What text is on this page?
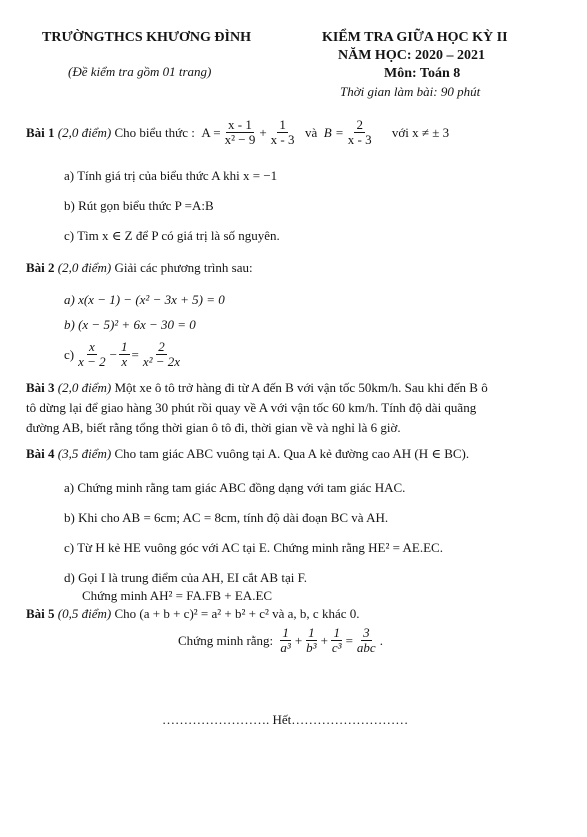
TRƯỜNGTHCS KHƯƠNG ĐÌNH
(Đề kiểm tra gồm 01 trang)
KIỂM TRA GIỮA HỌC KỲ II
NĂM HỌC: 2020 – 2021
Môn: Toán 8
Thời gian làm bài: 90 phút
Bài 1
(2,0 điểm)
Cho biểu thức :
$A = \frac{x - 1}{\text{x² − 9}} + \frac{1}{x - 3}$
và
$B = \frac{2}{x - 3}$
với x ≠ ± 3
a) Tính giá trị của biểu thức A khi x = −1
b) Rút gọn biểu thức P =A:B
c) Tìm x ∈ Z để P có giá trị là số nguyên.
Bài 2 (2,0 điểm) Giải các phương trình sau:
a) x(x − 1) − (x² − 3x + 5) = 0
b) (x − 5)² + 6x − 30 = 0
$c) \frac{x}{x - 2} - \frac{1}{x} = \frac{2}{\text{x² − 2x}}$
Bài 3 (2,0 điểm) Một xe ô tô trở hàng đi từ A đến B với vận tốc 50km/h. Sau khi đến B ô
tô dừng lại để giao hàng 30 phút rồi quay về A với vận tốc 60 km/h. Tính độ dài quãng
đường AB, biết rằng tổng thời gian ô tô đi, thời gian về và nghỉ là 6 giờ.
Bài 4 (3,5 điểm) Cho tam giác ABC vuông tại A. Qua A kẻ đường cao AH (H ∈ BC).
a) Chứng minh rằng tam giác ABC đồng dạng với tam giác HAC.
b) Khi cho AB = 6cm; AC = 8cm, tính độ dài đoạn BC và AH.
c) Từ H kẻ HE vuông góc với AC tại E. Chứng minh rằng HE² = AE.EC.
d) Gọi I là trung điểm của AH, EI cắt AB tại F.
Chứng minh AH² = FA.FB + EA.EC
Bài 5 (0,5 điểm) Cho (a + b + c)² = a² + b² + c² và a, b, c khác 0.
Chứng minh rằng:
$\frac{1}{\text{a³}} + \frac{1}{\text{b³}} + \frac{1}{\text{c³}} = \frac{3}{\text{abc}}$ .
……………………. Hết………………………
